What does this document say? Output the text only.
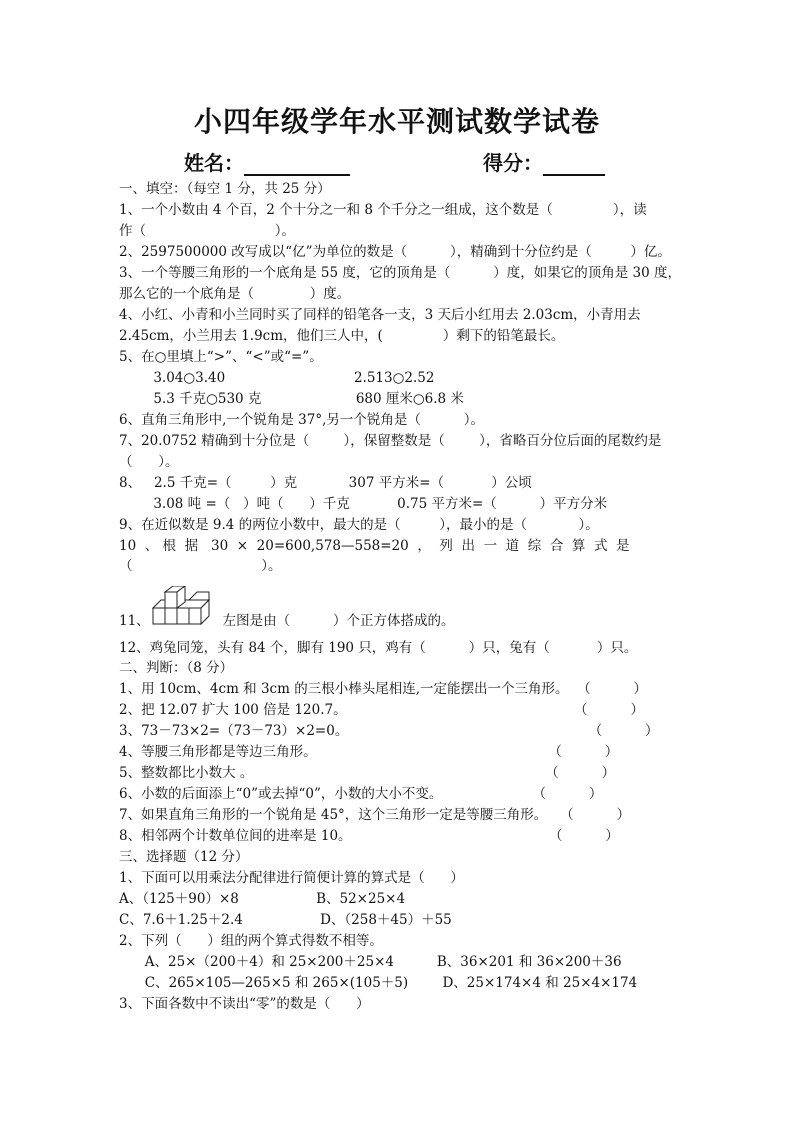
小四年级学年水平测试数学试卷
姓名：	得分：
一、填空：（每空 1 分，共 25 分）
1、一个小数由 4 个百，2 个十分之一和 8 个千分之一组成，这个数是（              ），读
作（                              ）。
2、2597500000 改写成以“亿”为单位的数是（          ），精确到十分位约是（         ）亿。
3、一个等腰三角形的一个底角是 55 度，它的顶角是（          ）度，如果它的顶角是 30 度，
那么它的一个底角是（             ）度。
4、小红、小青和小兰同时买了同样的铅笔各一支，3 天后小红用去 2.03cm，小青用去
2.45cm，小兰用去 1.9cm，他们三人中，(              ）剩下的铅笔最长。
5、在○里填上“>”、“<”或“=”。
3.04○3.40                              2.513○2.52
5.3 千克○530 克                      680 厘米○6.8 米
6、直角三角形中,一个锐角是 37°,另一个锐角是（          ）。
7、20.0752 精确到十分位是（        ），保留整数是（        ），省略百分位后面的尾数约是
（      ）。
8、   2.5 千克=（         ）克            307 平方米=（           ）公顷
3.08 吨 =（   ）吨（      ）千克           0.75 平方米=（          ）平方分米
9、在近似数是 9.4 的两位小数中，最大的是（         ），最小的是（            ）。
10  、 根  据   30  ×  20=600,578—558=20  ，  列  出  一  道  综  合  算  式  是
（                              ）。
11、                 左图是由（          ）个正方体搭成的。
12、鸡兔同笼，头有 84 个，脚有 190 只，鸡有（          ）只，兔有（           ）只。
二、判断：（8 分）
1、用 10cm、4cm 和 3cm 的三根小棒头尾相连,一定能摆出一个三角形。  （          ）
2、把 12.07 扩大 100 倍是 120.7。                                                     （          ）
3、73－73×2=（73－73）×2=0。                                                        （          ）
4、等腰三角形都是等边三角形。                                                      （          ）
5、整数都比小数大 。                                                                    （          ）
6、小数的后面添上“0”或去掉“0”，小数的大小不变。                     （          ）
7、如果直角三角形的一个锐角是 45°，这个三角形一定是等腰三角形。   （          ）
8、相邻两个计数单位间的进率是 10。                                              （          ）
三、选择题（12 分）
1、下面可以用乘法分配律进行简便计算的算式是（      ）
A、（125＋90）×8                  B、52×25×4
C、7.6＋1.25＋2.4                  D、（258＋45）＋55
2、下列（      ）组的两个算式得数不相等。
A、25×（200＋4）和 25×200＋25×4          B、36×201 和 36×200＋36
C、265×105—265×5 和 265×(105＋5)        D、25×174×4 和 25×4×174
3、下面各数中不读出“零”的数是（      ）
